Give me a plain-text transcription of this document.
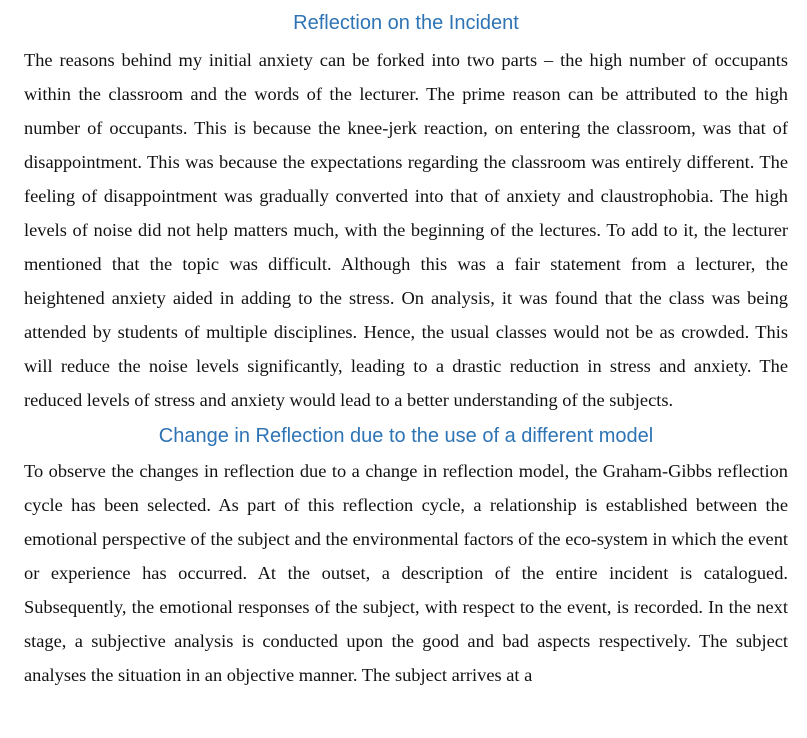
Reflection on the Incident

The reasons behind my initial anxiety can be forked into two parts – the high number of occupants within the classroom and the words of the lecturer. The prime reason can be attributed to the high number of occupants. This is because the knee-jerk reaction, on entering the classroom, was that of disappointment. This was because the expectations regarding the classroom was entirely different. The feeling of disappointment was gradually converted into that of anxiety and claustrophobia. The high levels of noise did not help matters much, with the beginning of the lectures. To add to it, the lecturer mentioned that the topic was difficult. Although this was a fair statement from a lecturer, the heightened anxiety aided in adding to the stress. On analysis, it was found that the class was being attended by students of multiple disciplines. Hence, the usual classes would not be as crowded. This will reduce the noise levels significantly, leading to a drastic reduction in stress and anxiety. The reduced levels of stress and anxiety would lead to a better understanding of the subjects.

Change in Reflection due to the use of a different model

To observe the changes in reflection due to a change in reflection model, the Graham-Gibbs reflection cycle has been selected. As part of this reflection cycle, a relationship is established between the emotional perspective of the subject and the environmental factors of the eco-system in which the event or experience has occurred. At the outset, a description of the entire incident is catalogued. Subsequently, the emotional responses of the subject, with respect to the event, is recorded. In the next stage, a subjective analysis is conducted upon the good and bad aspects respectively. The subject analyses the situation in an objective manner. The subject arrives at a
